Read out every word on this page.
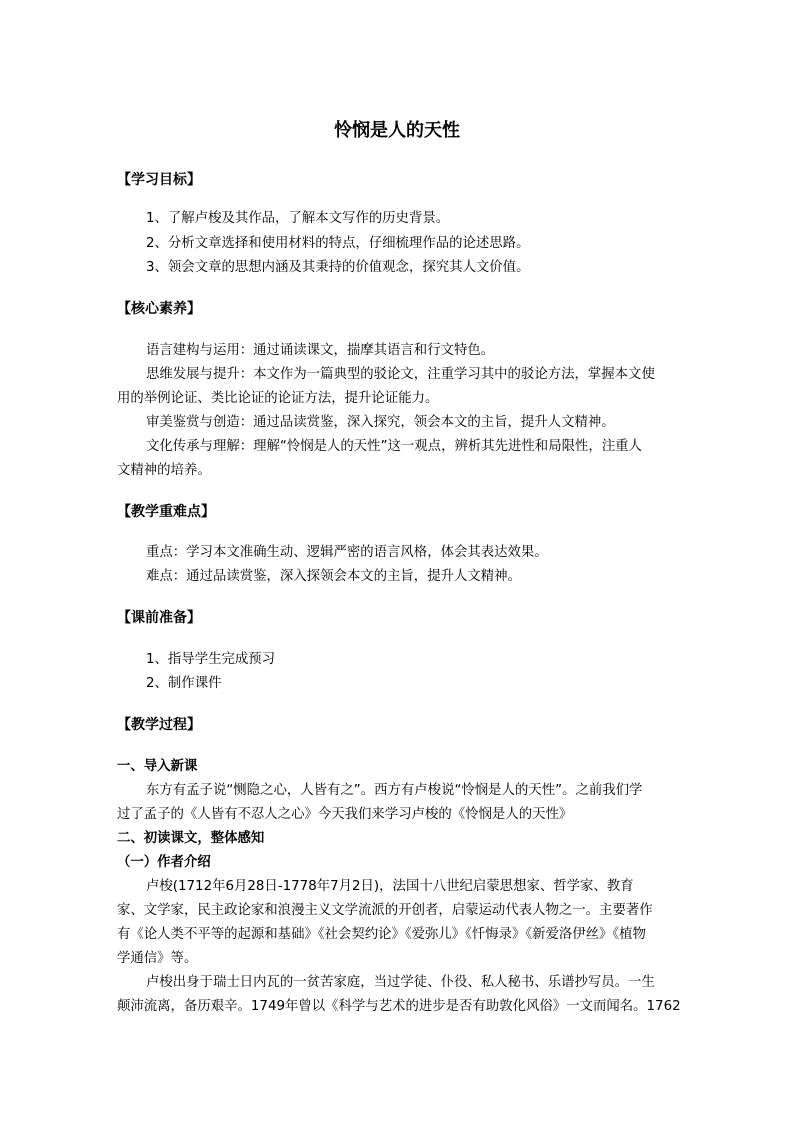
怜悯是人的天性
【学习目标】
1、了解卢梭及其作品，了解本文写作的历史背景。
2、分析文章选择和使用材料的特点，仔细梳理作品的论述思路。
3、领会文章的思想内涵及其秉持的价值观念，探究其人文价值。
【核心素养】
语言建构与运用：通过诵读课文，揣摩其语言和行文特色。
思维发展与提升：本文作为一篇典型的驳论文，注重学习其中的驳论方法，掌握本文使
用的举例论证、类比论证的论证方法，提升论证能力。
审美鉴赏与创造：通过品读赏鉴，深入探究，领会本文的主旨，提升人文精神。
文化传承与理解：理解“怜悯是人的天性”这一观点，辨析其先进性和局限性，注重人
文精神的培养。
【教学重难点】
重点：学习本文准确生动、逻辑严密的语言风格，体会其表达效果。
难点：通过品读赏鉴，深入探领会本文的主旨，提升人文精神。
【课前准备】
1、指导学生完成预习
2、制作课件
【教学过程】
一、导入新课
东方有孟子说“恻隐之心，人皆有之”。西方有卢梭说“怜悯是人的天性”。之前我们学
过了孟子的《人皆有不忍人之心》今天我们来学习卢梭的《怜悯是人的天性》
二、初读课文，整体感知
（一）作者介绍
卢梭(1712年6月28日-1778年7月2日)，法国十八世纪启蒙思想家、哲学家、教育
家、文学家，民主政论家和浪漫主义文学流派的开创者，启蒙运动代表人物之一。主要著作
有《论人类不平等的起源和基础》《社会契约论》《爱弥儿》《忏悔录》《新爱洛伊丝》《植物
学通信》等。
卢梭出身于瑞士日内瓦的一贫苦家庭，当过学徒、仆役、私人秘书、乐谱抄写员。一生
颠沛流离，备历艰辛。1749年曾以《科学与艺术的进步是否有助敦化风俗》一文而闻名。1762
